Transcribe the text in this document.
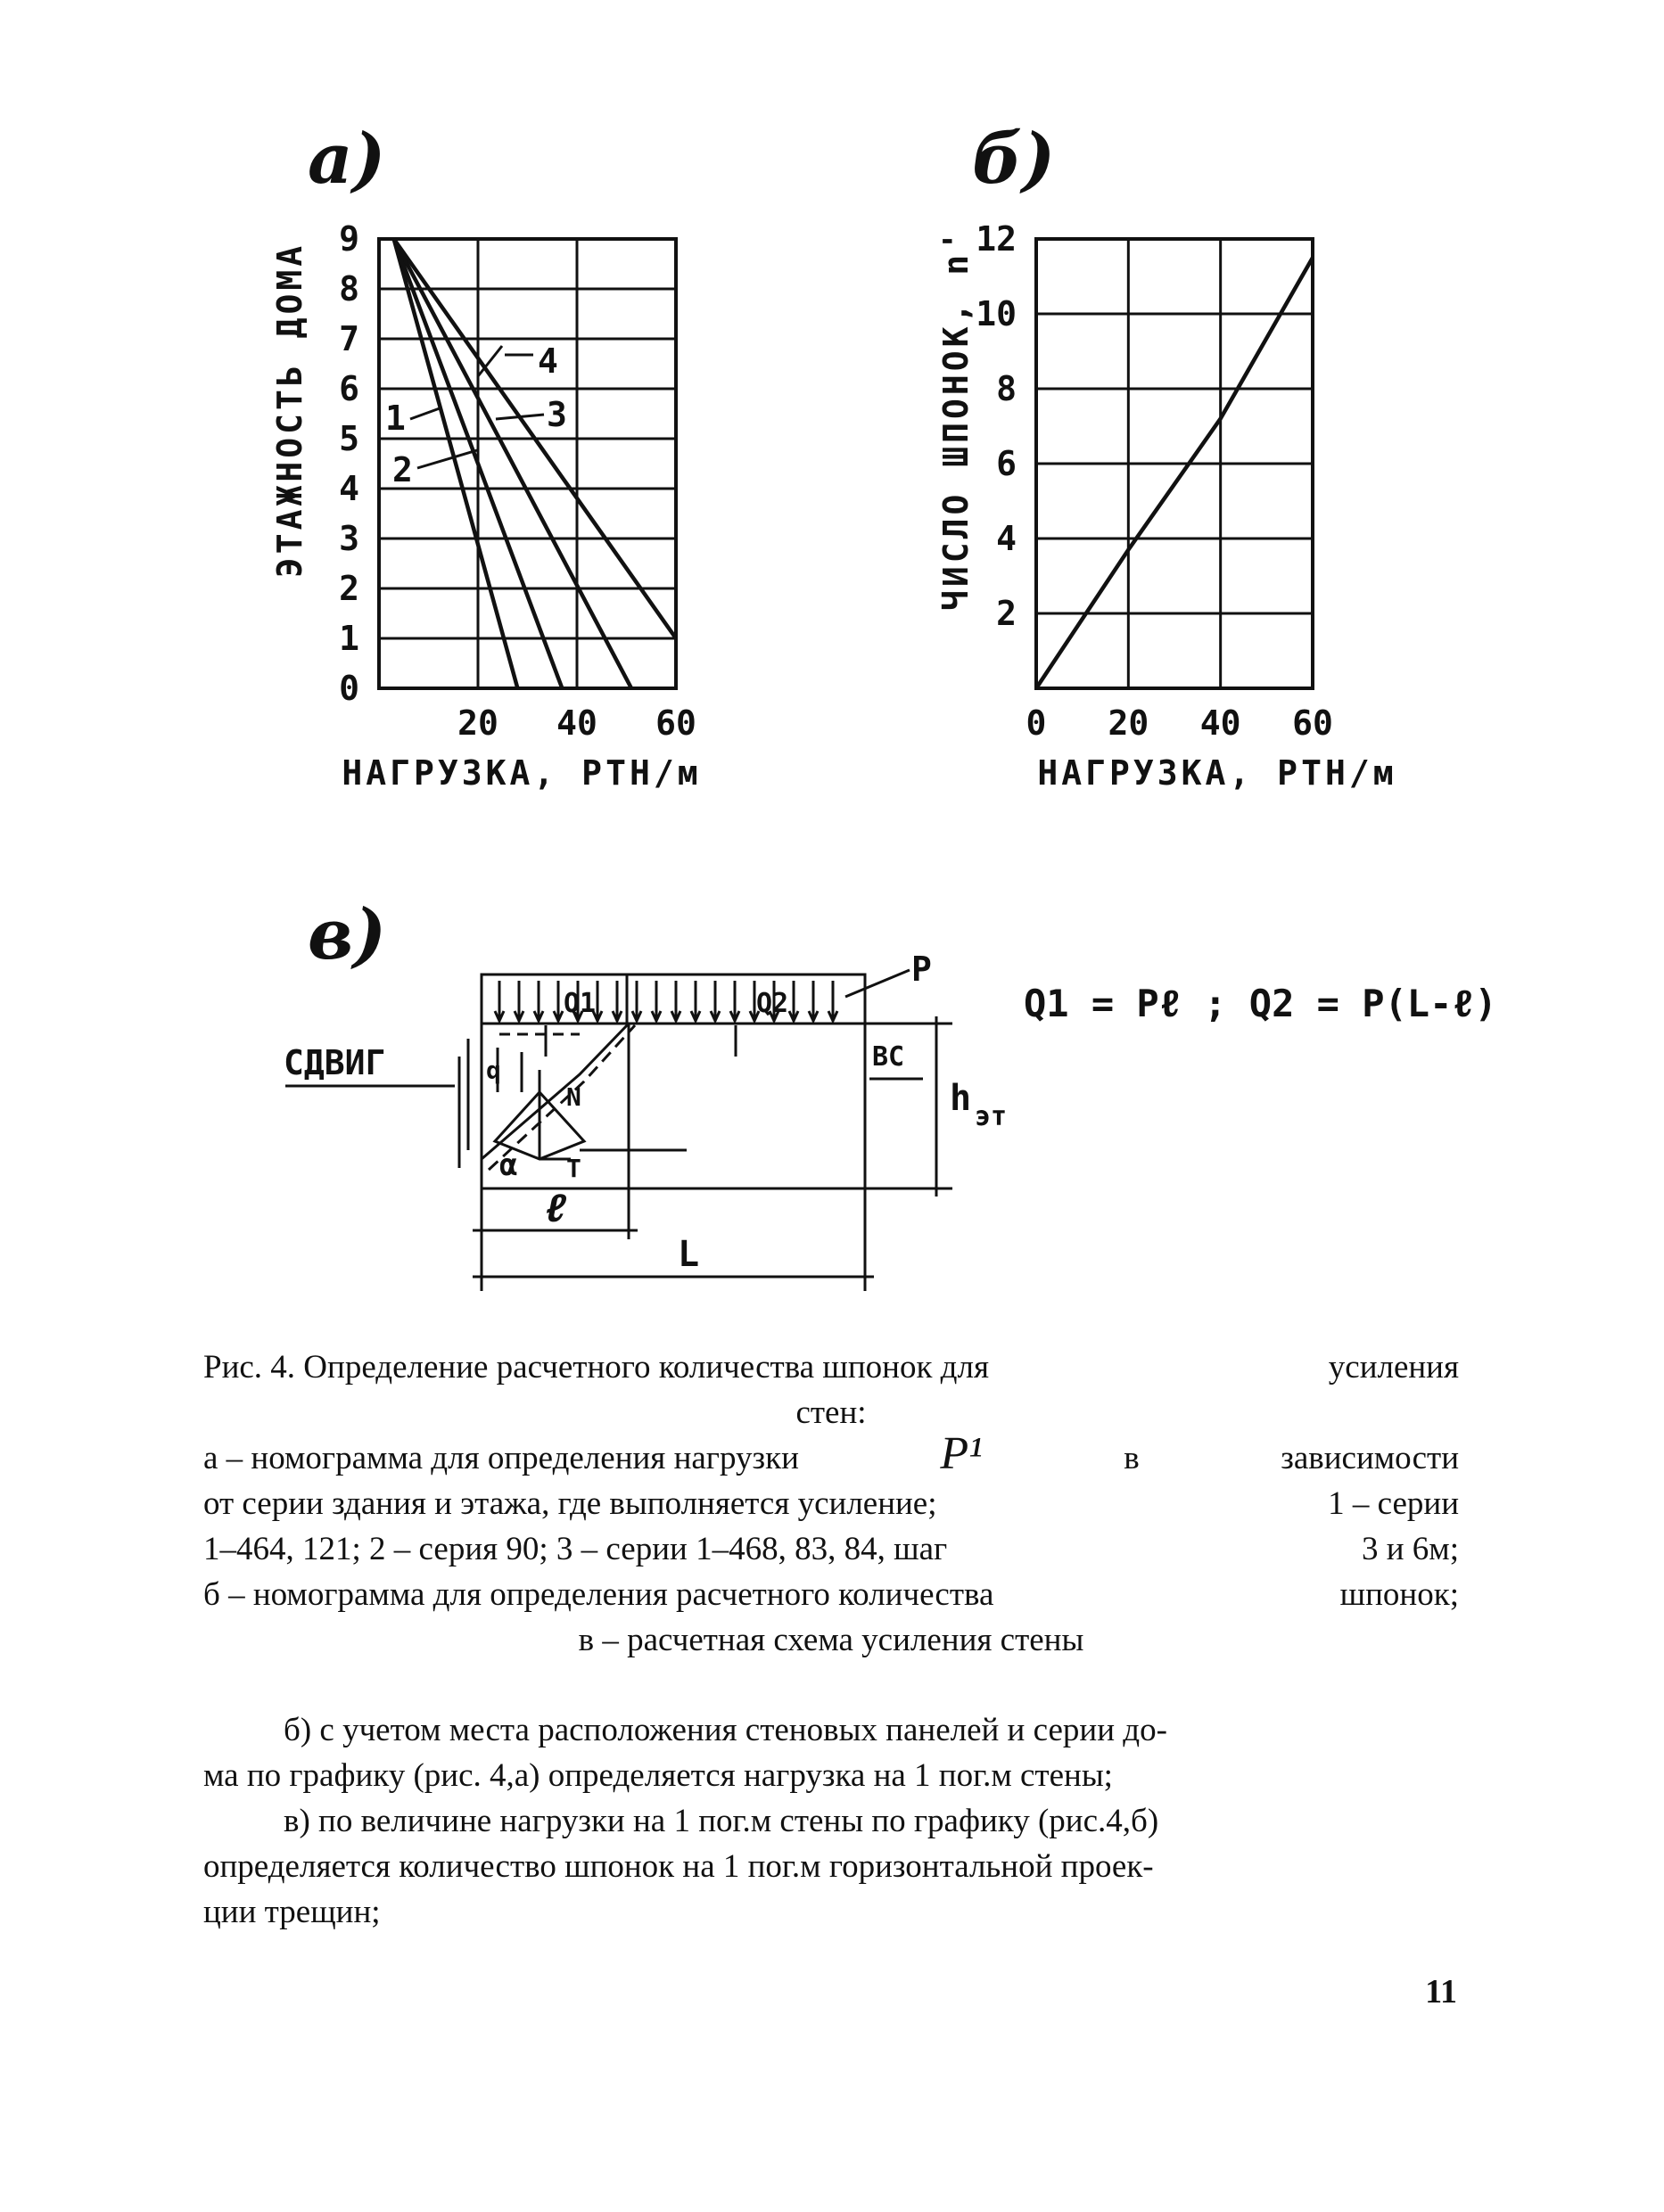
a)
20 40 60
0
1
2
3
4
5
6
7
8
9
ЭТАЖНОСТЬ ДОМА
НАГРУЗКА, РТН/м
4
3
1
2
б)
0 20 40 60
2
4
6
8
10
12
ЧИСЛО ШПОНОК, n'
НАГРУЗКА, РТН/м
в)
СДВИГ
P
Q1	Q2
q
N
T
α
ВС
h эт
ℓ
L
Q1 = Pℓ ; Q2 = P(L-ℓ)
Рис. 4. Определение расчетного количества шпонок для	усиления
стен:
а – номограмма для определения нагрузки	P¹	в	зависимости
от серии здания и этажа, где выполняется усиление;	1 – серии
1–464, 121; 2 – серия 90; 3 – серии 1–468, 83, 84, шаг	3 и 6м;
б – номограмма для определения расчетного количества	шпонок;
в – расчетная схема усиления стены
б) с учетом места расположения стеновых панелей и серии до-
ма по графику (рис. 4,а) определяется нагрузка на 1 пог.м стены;
в) по величине нагрузки на 1 пог.м стены по графику (рис.4,б)
определяется количество шпонок на 1 пог.м горизонтальной проек-
ции трещин;
11
